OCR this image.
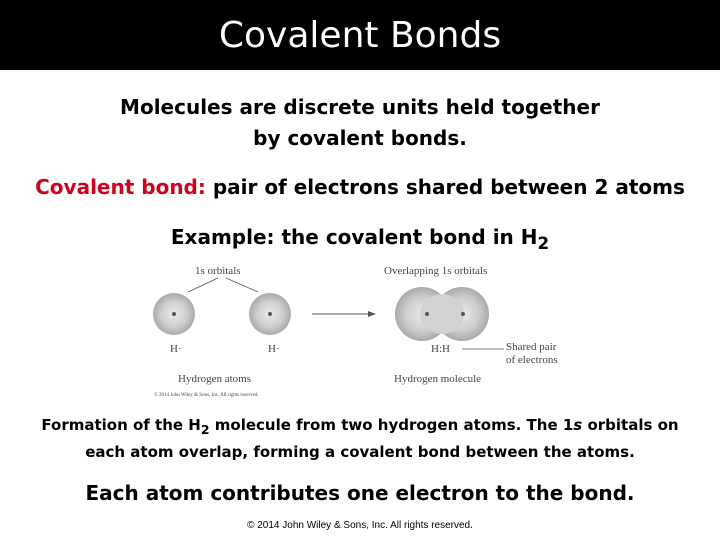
Covalent Bonds
Molecules are discrete units held together
by covalent bonds.
Covalent bond: pair of electrons shared between 2 atoms
Example: the covalent bond in $H_2$
1s orbitals
H·	H·
Overlapping 1s orbitals
H:H	Shared pair
of electrons
Hydrogen atoms	Hydrogen molecule
© 2014 John Wiley & Sons, Inc. All rights reserved.
Formation of the $H_2$ molecule from two hydrogen atoms. The 1s orbitals on
each atom overlap, forming a covalent bond between the atoms.
Each atom contributes one electron to the bond.
© 2014 John Wiley & Sons, Inc. All rights reserved.
